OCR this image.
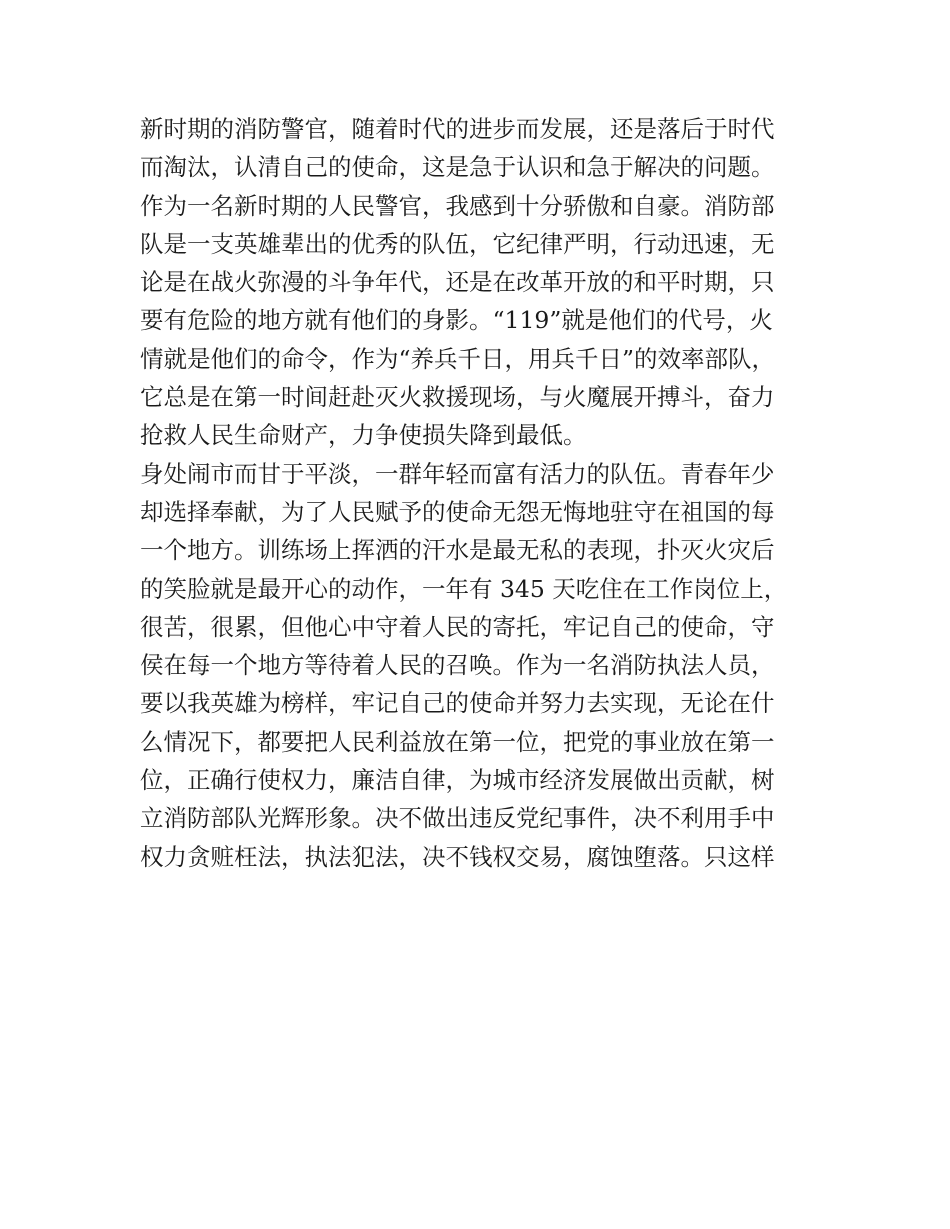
新时期的消防警官，随着时代的进步而发展，还是落后于时代
而淘汰，认清自己的使命，这是急于认识和急于解决的问题。
作为一名新时期的人民警官，我感到十分骄傲和自豪。消防部
队是一支英雄辈出的优秀的队伍，它纪律严明，行动迅速，无
论是在战火弥漫的斗争年代，还是在改革开放的和平时期，只
要有危险的地方就有他们的身影。“119”就是他们的代号，火
情就是他们的命令，作为“养兵千日，用兵千日”的效率部队，
它总是在第一时间赶赴灭火救援现场，与火魔展开搏斗，奋力
抢救人民生命财产，力争使损失降到最低。
身处闹市而甘于平淡，一群年轻而富有活力的队伍。青春年少
却选择奉献，为了人民赋予的使命无怨无悔地驻守在祖国的每
一个地方。训练场上挥洒的汗水是最无私的表现，扑灭火灾后
的笑脸就是最开心的动作，一年有 345 天吃住在工作岗位上，
很苦，很累，但他心中守着人民的寄托，牢记自己的使命，守
侯在每一个地方等待着人民的召唤。作为一名消防执法人员，
要以我英雄为榜样，牢记自己的使命并努力去实现，无论在什
么情况下，都要把人民利益放在第一位，把党的事业放在第一
位，正确行使权力，廉洁自律，为城市经济发展做出贡献，树
立消防部队光辉形象。决不做出违反党纪事件，决不利用手中
权力贪赃枉法，执法犯法，决不钱权交易，腐蚀堕落。只这样
